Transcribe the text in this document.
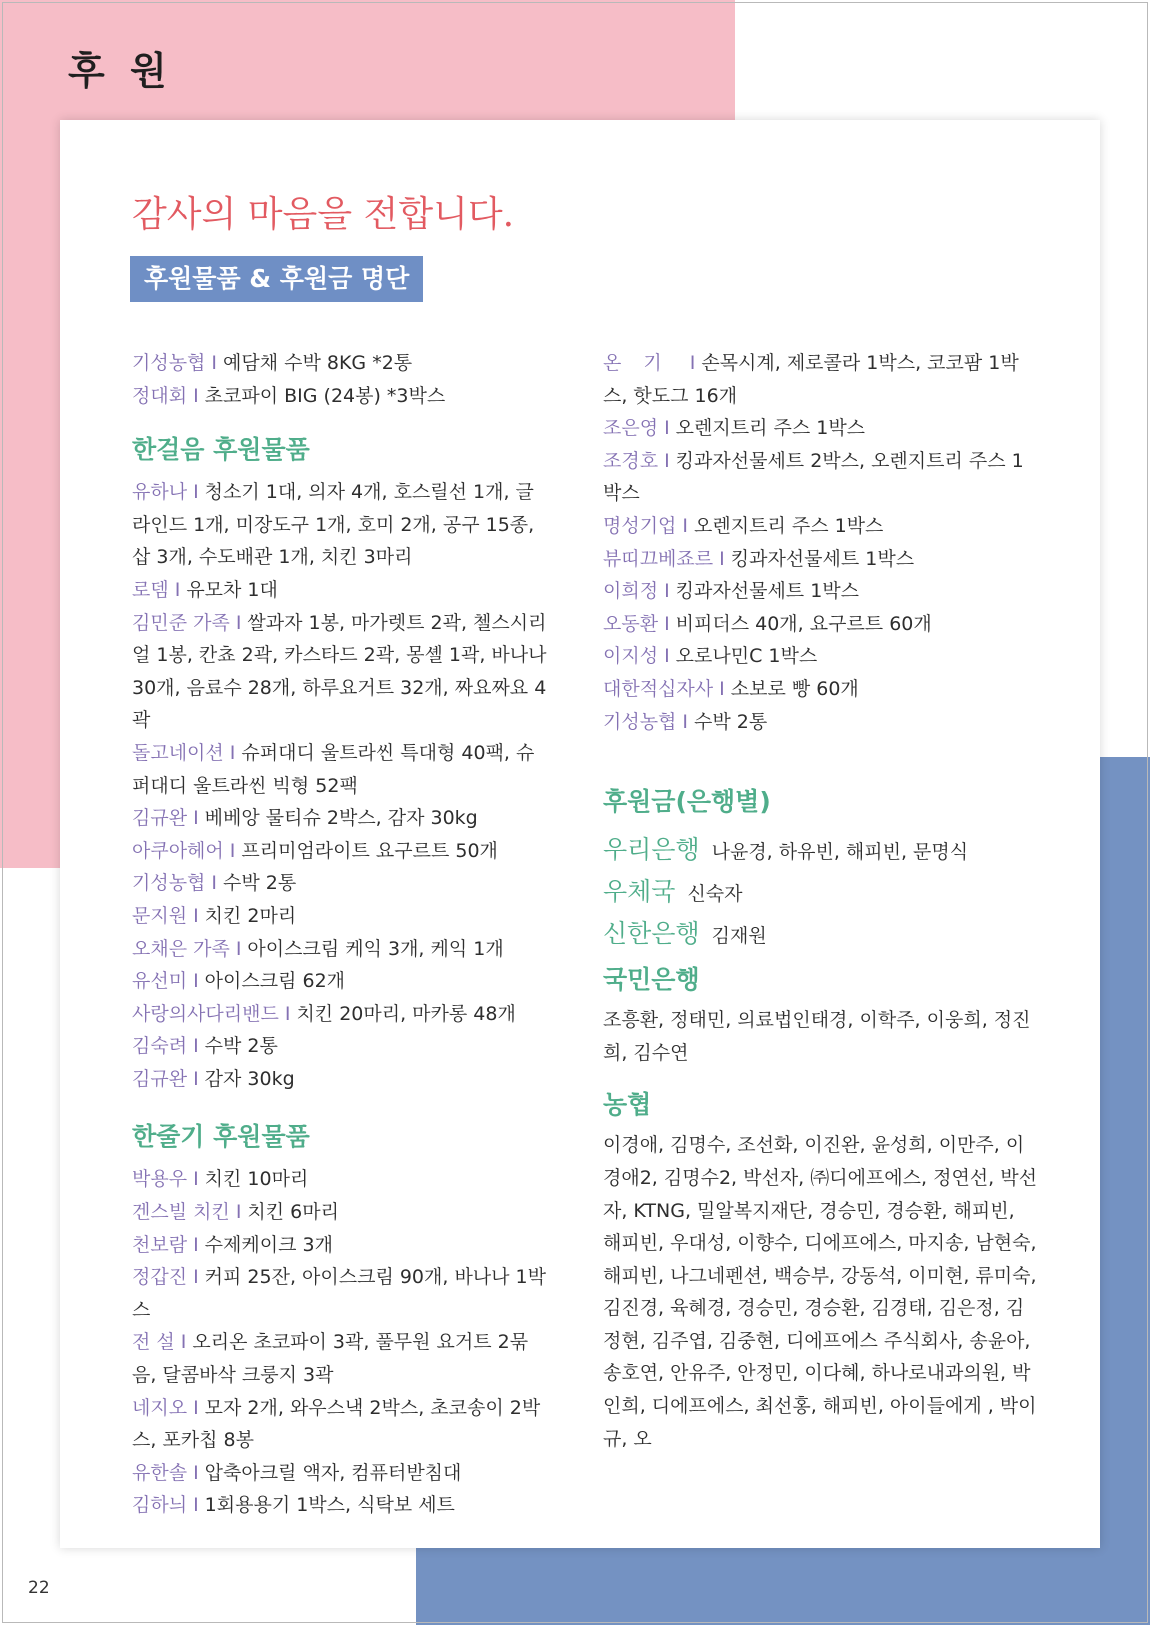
후 원
감사의 마음을 전합니다.
후원물품 & 후원금 명단

기성농협 I 예담채 수박 8KG *2통

정대회 I 초코파이 BIG (24봉) *3박스

한걸음 후원물품

유하나 I 청소기 1대, 의자 4개, 호스릴선 1개, 글라인드 1개, 미장도구 1개, 호미 2개, 공구 15종, 삽 3개, 수도배관 1개, 치킨 3마리

로뎀 I 유모차 1대

김민준 가족 I 쌀과자 1봉, 마가렛트 2곽, 첼스시리얼 1봉, 칸쵸 2곽, 카스타드 2곽, 몽셸 1곽, 바나나 30개, 음료수 28개, 하루요거트 32개, 짜요짜요 4곽

돌고네이션 I 슈퍼대디 울트라씬 특대형 40팩, 슈퍼대디 울트라씬 빅형 52팩

김규완 I 베베앙 물티슈 2박스, 감자 30kg

아쿠아헤어 I 프리미엄라이트 요구르트 50개

기성농협 I 수박 2통

문지원 I 치킨 2마리

오채은 가족 I 아이스크림 케익 3개, 케익 1개

유선미 I 아이스크림 62개

사랑의사다리밴드 I 치킨 20마리, 마카롱 48개

김숙려 I 수박 2통

김규완 I 감자 30kg

한줄기 후원물품

박용우 I 치킨 10마리

겐스빌 치킨 I 치킨 6마리

천보람 I 수제케이크 3개

정갑진 I 커피 25잔, 아이스크림 90개, 바나나 1박스

전 설 I 오리온 초코파이 3곽, 풀무원 요거트 2묶음, 달콤바삭 크룽지 3곽

네지오 I 모자 2개, 와우스낵 2박스, 초코송이 2박스, 포카칩 8봉

유한솔 I 압축아크릴 액자, 컴퓨터받침대

김하늬 I 1회용용기 1박스, 식탁보 세트

온기 I 손목시계, 제로콜라 1박스, 코코팜 1박스, 핫도그 16개

조은영 I 오렌지트리 주스 1박스

조경호 I 킹과자선물세트 2박스, 오렌지트리 주스 1박스

명성기업 I 오렌지트리 주스 1박스

뷰띠끄베죠르 I 킹과자선물세트 1박스

이희정 I 킹과자선물세트 1박스

오동환 I 비피더스 40개, 요구르트 60개

이지성 I 오로나민C 1박스

대한적십자사 I 소보로 빵 60개

기성농협 I 수박 2통

후원금(은행별)

우리은행 나윤경, 하유빈, 해피빈, 문명식

우체국 신숙자

신한은행 김재원

국민은행

조흥환, 정태민, 의료법인태경, 이학주, 이웅희, 정진희, 김수연

농협

이경애, 김명수, 조선화, 이진완, 윤성희, 이만주, 이경애2, 김명수2, 박선자, ㈜디에프에스, 정연선, 박선자, KTNG, 밀알복지재단, 경승민, 경승환, 해피빈, 해피빈, 우대성, 이향수, 디에프에스, 마지송, 남현숙, 해피빈, 나그네펜션, 백승부, 강동석, 이미현, 류미숙, 김진경, 육혜경, 경승민, 경승환, 김경태, 김은정, 김정현, 김주엽, 김중현, 디에프에스 주식회사, 송윤아, 송호연, 안유주, 안정민, 이다혜, 하나로내과의원, 박인희, 디에프에스, 최선홍, 해피빈, 아이들에게 , 박이규, 오

22
